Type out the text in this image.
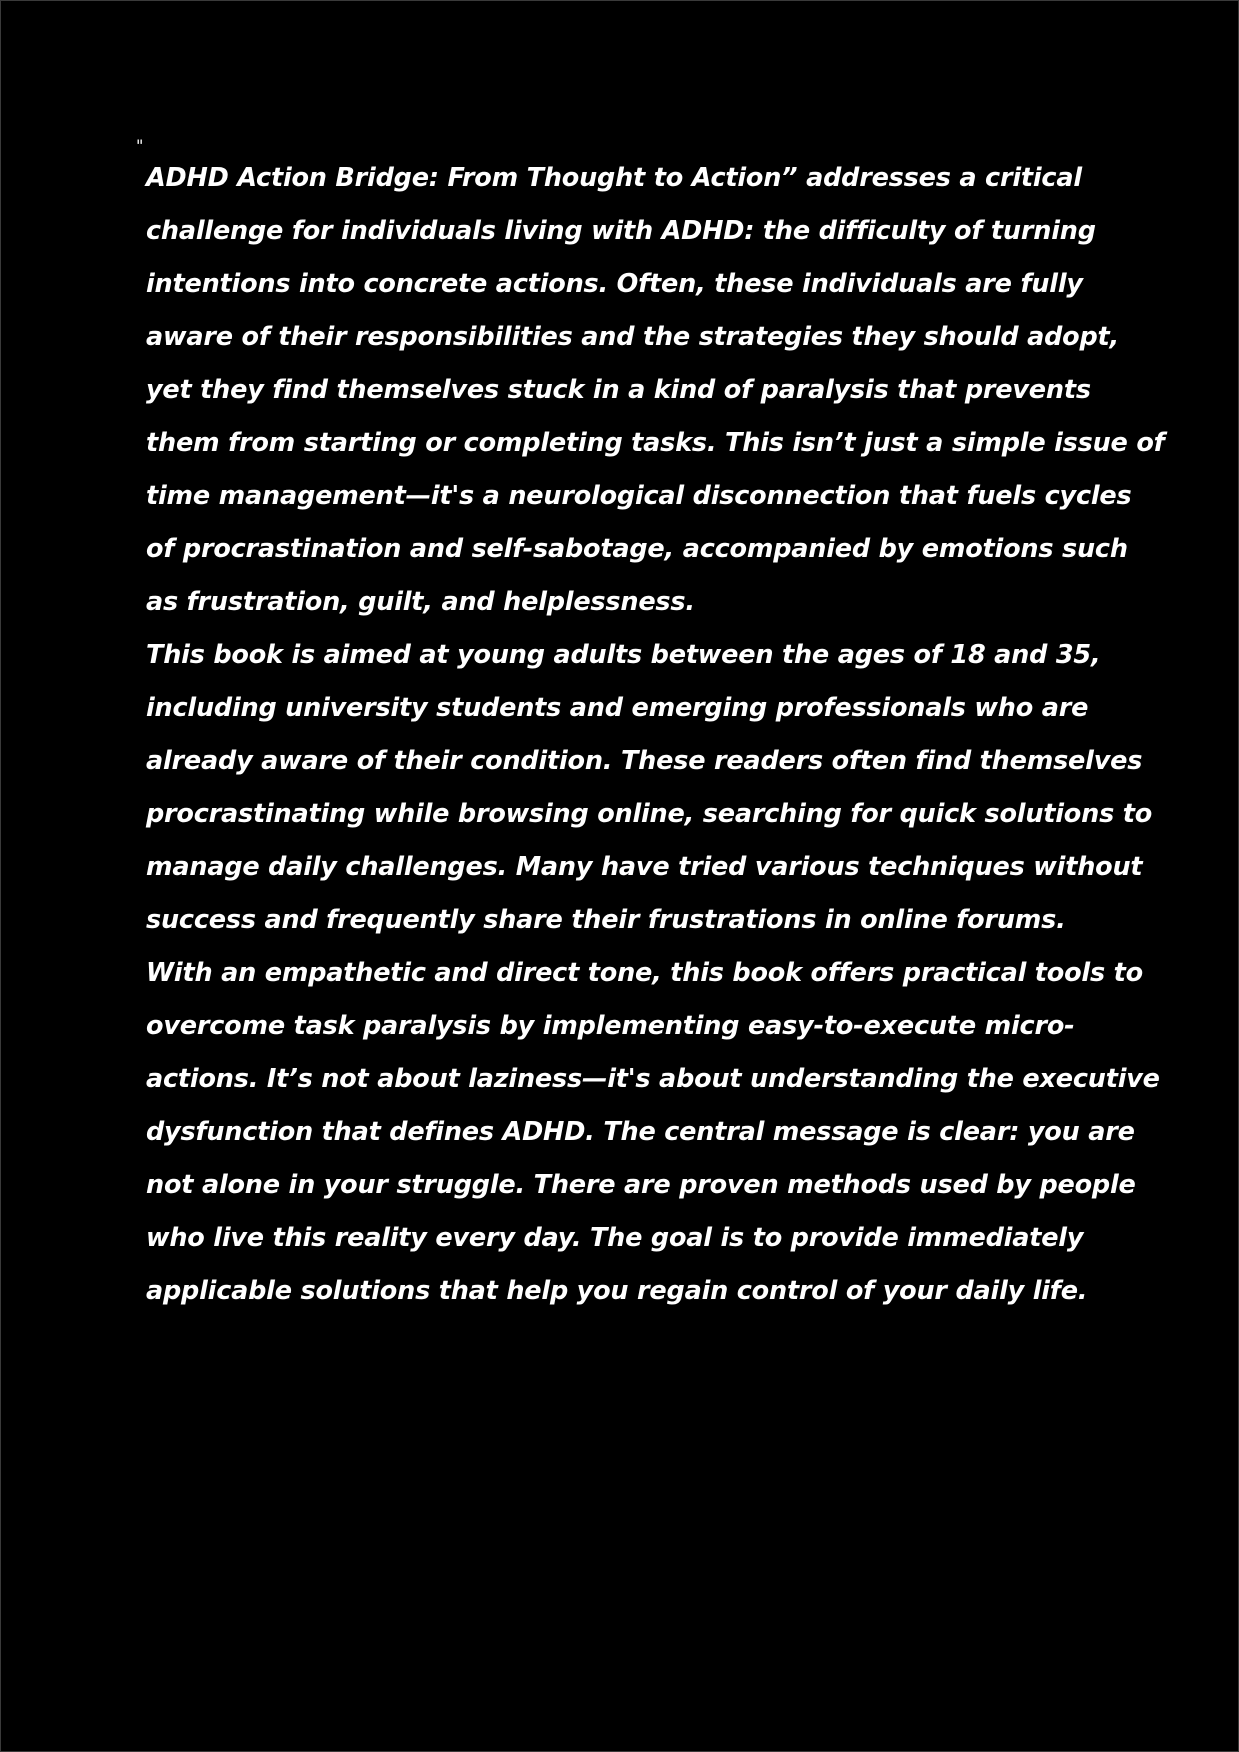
"

ADHD Action Bridge: From Thought to Action” addresses a critical challenge for individuals living with ADHD: the difficulty of turning intentions into concrete actions. Often, these individuals are fully aware of their responsibilities and the strategies they should adopt, yet they find themselves stuck in a kind of paralysis that prevents them from starting or completing tasks. This isn’t just a simple issue of time management—it's a neurological disconnection that fuels cycles of procrastination and self-sabotage, accompanied by emotions such as frustration, guilt, and helplessness.

This book is aimed at young adults between the ages of 18 and 35, including university students and emerging professionals who are already aware of their condition. These readers often find themselves procrastinating while browsing online, searching for quick solutions to manage daily challenges. Many have tried various techniques without success and frequently share their frustrations in online forums.

With an empathetic and direct tone, this book offers practical tools to overcome task paralysis by implementing easy-to-execute micro-actions. It’s not about laziness—it's about understanding the executive dysfunction that defines ADHD. The central message is clear: you are not alone in your struggle. There are proven methods used by people who live this reality every day. The goal is to provide immediately applicable solutions that help you regain control of your daily life.
